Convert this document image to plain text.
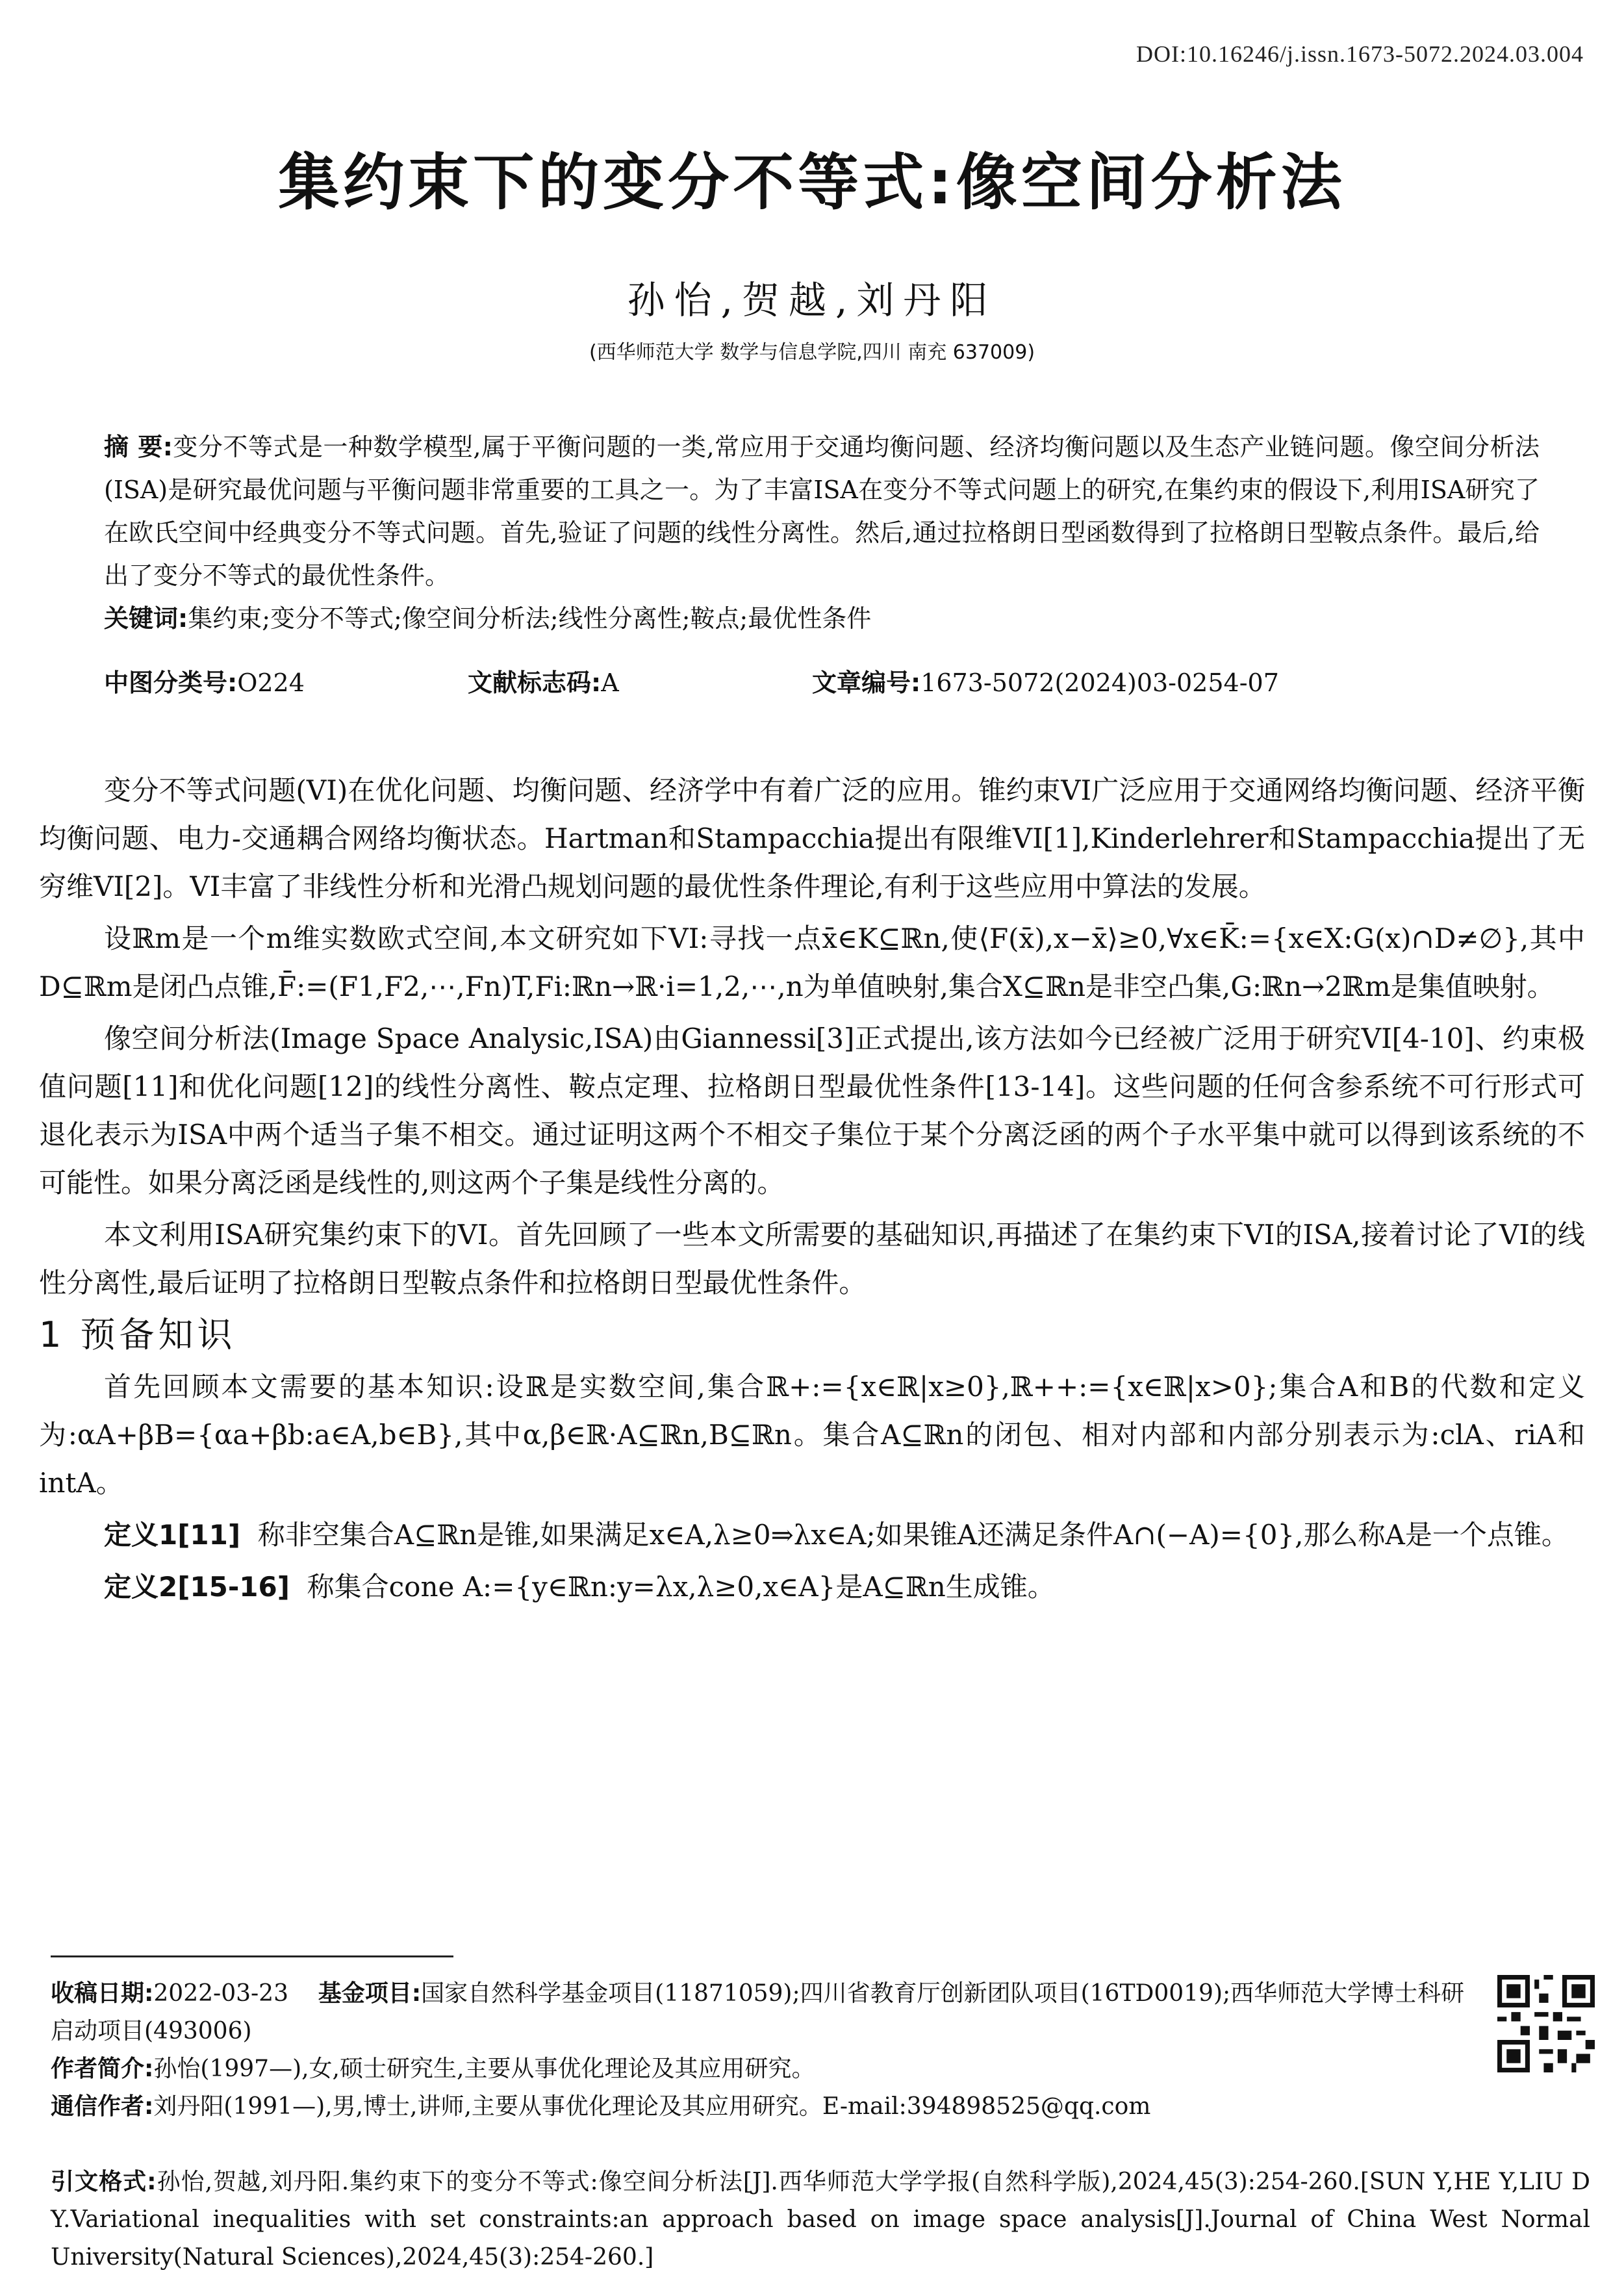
DOI:10.16246/j.issn.1673-5072.2024.03.004
集约束下的变分不等式:像空间分析法
孙怡,贺越,刘丹阳
(西华师范大学 数学与信息学院,四川 南充 637009)
摘 要:变分不等式是一种数学模型,属于平衡问题的一类,常应用于交通均衡问题、经济均衡问题以及生态产业链问题。像空间分析法(ISA)是研究最优问题与平衡问题非常重要的工具之一。为了丰富ISA在变分不等式问题上的研究,在集约束的假设下,利用ISA研究了在欧氏空间中经典变分不等式问题。首先,验证了问题的线性分离性。然后,通过拉格朗日型函数得到了拉格朗日型鞍点条件。最后,给出了变分不等式的最优性条件。
关键词:集约束;变分不等式;像空间分析法;线性分离性;鞍点;最优性条件
中图分类号:O224	文献标志码:A	文章编号:1673-5072(2024)03-0254-07

变分不等式问题(VI)在优化问题、均衡问题、经济学中有着广泛的应用。锥约束VI广泛应用于交通网络均衡问题、经济平衡均衡问题、电力-交通耦合网络均衡状态。Hartman和Stampacchia提出有限维VI[1],Kinderlehrer和Stampacchia提出了无穷维VI[2]。VI丰富了非线性分析和光滑凸规划问题的最优性条件理论,有利于这些应用中算法的发展。

设ℝm是一个m维实数欧式空间,本文研究如下VI:寻找一点x̄∈K⊆ℝn,使⟨F(x̄),x−x̄⟩≥0,∀x∈K̄:={x∈X:G(x)∩D≠∅},其中D⊆ℝm是闭凸点锥,F̄:=(F1,F2,⋯,Fn)T,Fi:ℝn→ℝ·i=1,2,⋯,n为单值映射,集合X⊆ℝn是非空凸集,G:ℝn→2ℝm是集值映射。

像空间分析法(Image Space Analysic,ISA)由Giannessi[3]正式提出,该方法如今已经被广泛用于研究VI[4-10]、约束极值问题[11]和优化问题[12]的线性分离性、鞍点定理、拉格朗日型最优性条件[13-14]。这些问题的任何含参系统不可行形式可退化表示为ISA中两个适当子集不相交。通过证明这两个不相交子集位于某个分离泛函的两个子水平集中就可以得到该系统的不可能性。如果分离泛函是线性的,则这两个子集是线性分离的。

本文利用ISA研究集约束下的VI。首先回顾了一些本文所需要的基础知识,再描述了在集约束下VI的ISA,接着讨论了VI的线性分离性,最后证明了拉格朗日型鞍点条件和拉格朗日型最优性条件。

1 预备知识

首先回顾本文需要的基本知识:设ℝ是实数空间,集合ℝ+:={x∈ℝ|x≥0},ℝ++:={x∈ℝ|x>0};集合A和B的代数和定义为:αA+βB={αa+βb:a∈A,b∈B},其中α,β∈ℝ·A⊆ℝn,B⊆ℝn。集合A⊆ℝn的闭包、相对内部和内部分别表示为:clA、riA和intA。

定义1[11] 称非空集合A⊆ℝn是锥,如果满足x∈A,λ≥0⇒λx∈A;如果锥A还满足条件A∩(−A)={0},那么称A是一个点锥。

定义2[15-16] 称集合cone A:={y∈ℝn:y=λx,λ≥0,x∈A}是A⊆ℝn生成锥。

收稿日期:2022-03-23 基金项目:国家自然科学基金项目(11871059);四川省教育厅创新团队项目(16TD0019);西华师范大学博士科研启动项目(493006)
作者简介:孙怡(1997—),女,硕士研究生,主要从事优化理论及其应用研究。
通信作者:刘丹阳(1991—),男,博士,讲师,主要从事优化理论及其应用研究。E-mail:394898525@qq.com
引文格式:孙怡,贺越,刘丹阳.集约束下的变分不等式:像空间分析法[J].西华师范大学学报(自然科学版),2024,45(3):254-260.[SUN Y,HE Y,LIU D Y.Variational inequalities with set constraints:an approach based on image space analysis[J].Journal of China West Normal University(Natural Sciences),2024,45(3):254-260.]
